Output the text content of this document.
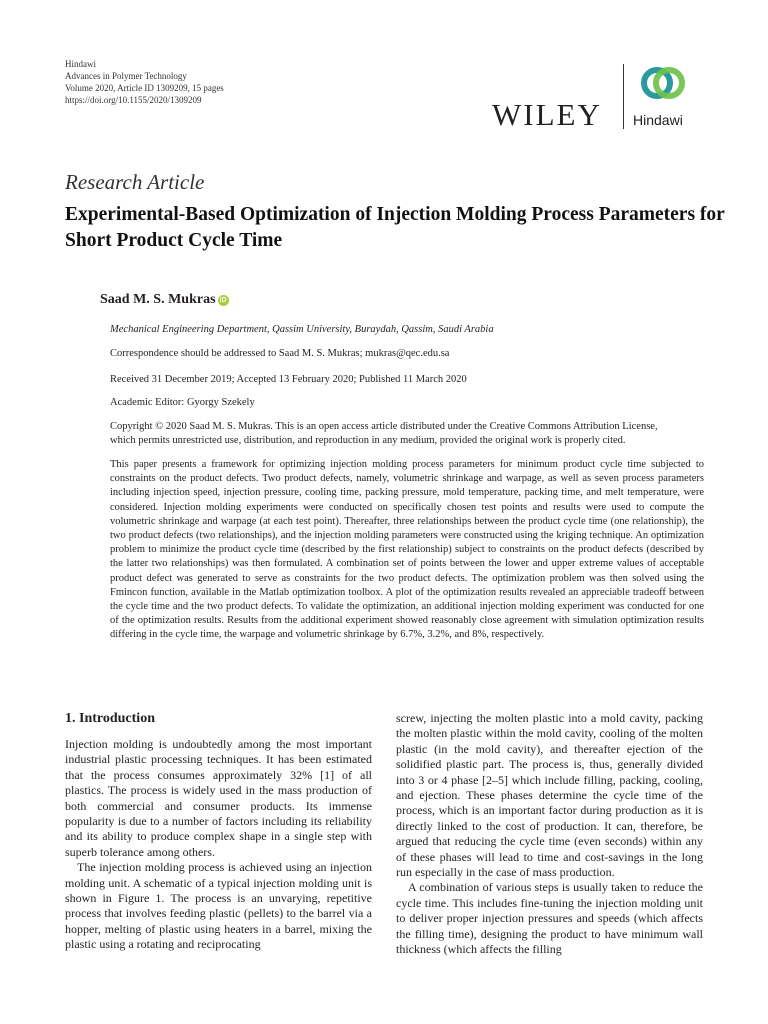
Hindawi
Advances in Polymer Technology
Volume 2020, Article ID 1309209, 15 pages
https://doi.org/10.1155/2020/1309209	WILEY Hindawi
Research Article
Experimental-Based Optimization of Injection Molding Process Parameters for Short Product Cycle Time
Saad M. S. Mukras iD
Mechanical Engineering Department, Qassim University, Buraydah, Qassim, Saudi Arabia
Correspondence should be addressed to Saad M. S. Mukras; mukras@qec.edu.sa
Received 31 December 2019; Accepted 13 February 2020; Published 11 March 2020
Academic Editor: Gyorgy Szekely
Copyright © 2020 Saad M. S. Mukras. This is an open access article distributed under the Creative Commons Attribution License,
which permits unrestricted use, distribution, and reproduction in any medium, provided the original work is properly cited.
This paper presents a framework for optimizing injection molding process parameters for minimum product cycle time subjected to constraints on the product defects. Two product defects, namely, volumetric shrinkage and warpage, as well as seven process parameters including injection speed, injection pressure, cooling time, packing pressure, mold temperature, packing time, and melt temperature, were considered. Injection molding experiments were conducted on specifically chosen test points and results were used to compute the volumetric shrinkage and warpage (at each test point). Thereafter, three relationships between the product cycle time (one relationship), the two product defects (two relationships), and the injection molding parameters were constructed using the kriging technique. An optimization problem to minimize the product cycle time (described by the first relationship) subject to constraints on the product defects (described by the latter two relationships) was then formulated. A combination set of points between the lower and upper extreme values of acceptable product defect was generated to serve as constraints for the two product defects. The optimization problem was then solved using the Fmincon function, available in the Matlab optimization toolbox. A plot of the optimization results revealed an appreciable tradeoff between the cycle time and the two product defects. To validate the optimization, an additional injection molding experiment was conducted for one of the optimization results. Results from the additional experiment showed reasonably close agreement with simulation optimization results differing in the cycle time, the warpage and volumetric shrinkage by 6.7%, 3.2%, and 8%, respectively.
1. Introduction

Injection molding is undoubtedly among the most important industrial plastic processing techniques. It has been estimated that the process consumes approximately 32% [1] of all plastics. The process is widely used in the mass production of both commercial and consumer products. Its immense popularity is due to a number of factors including its reliability and its ability to produce complex shape in a single step with superb tolerance among others.

The injection molding process is achieved using an injection molding unit. A schematic of a typical injection molding unit is shown in Figure 1. The process is an unvarying, repetitive process that involves feeding plastic (pellets) to the barrel via a hopper, melting of plastic using heaters in a barrel, mixing the plastic using a rotating and reciprocating

screw, injecting the molten plastic into a mold cavity, packing the molten plastic within the mold cavity, cooling of the molten plastic (in the mold cavity), and thereafter ejection of the solidified plastic part. The process is, thus, generally divided into 3 or 4 phase [2–5] which include filling, packing, cooling, and ejection. These phases determine the cycle time of the process, which is an important factor during production as it is directly linked to the cost of production. It can, therefore, be argued that reducing the cycle time (even seconds) within any of these phases will lead to time and cost-savings in the long run especially in the case of mass production.

A combination of various steps is usually taken to reduce the cycle time. This includes fine-tuning the injection molding unit to deliver proper injection pressures and speeds (which affects the filling time), designing the product to have minimum wall thickness (which affects the filling
